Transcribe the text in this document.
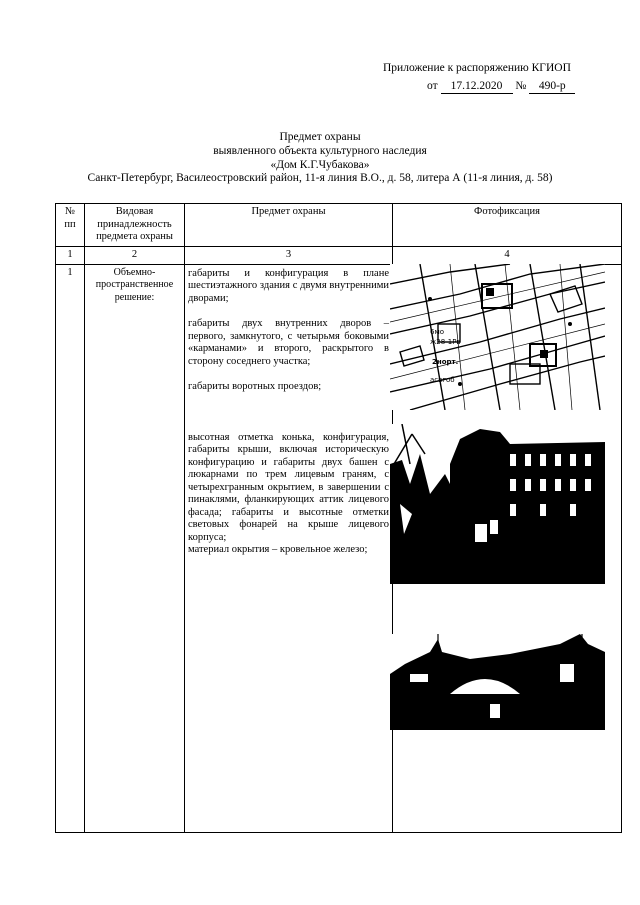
Приложение к распоряжению КГИОП
от 17.12.2020 № 490-р
Предмет охраны
выявленного объекта культурного наследия
«Дом К.Г.Чубакова»
Санкт-Петербург, Василеостровский район, 11-я линия В.О., д. 58, литера А (11-я линия, д. 58)
№ пп	Видовая принадлежность предмета охраны	Предмет охраны	Фотофиксация
1	2	3	4
1	Объемно-пространственное решение:	габариты и конфигурация в плане шестиэтажного здания с двумя внутренними дворами;

габариты двух внутренних дворов – первого, замкнутого, с четырьмя боковыми «карманами» и второго, раскрытого в сторону соседнего участка;

габариты воротных проездов;

высотная отметка конька, конфигурация, габариты крыши, включая историческую конфигурацию и габариты двух башен с люкарнами по трем лицевым граням, с четырехгранным окрытием, в завершении с пинаклями, фланкирующих аттик лицевого фасада; габариты и высотные отметки световых фонарей на крыше лицевого корпуса;

материал окрытия – кровельное железо;	

6мо
ж28-1Рв
2норт.
асвгоб
